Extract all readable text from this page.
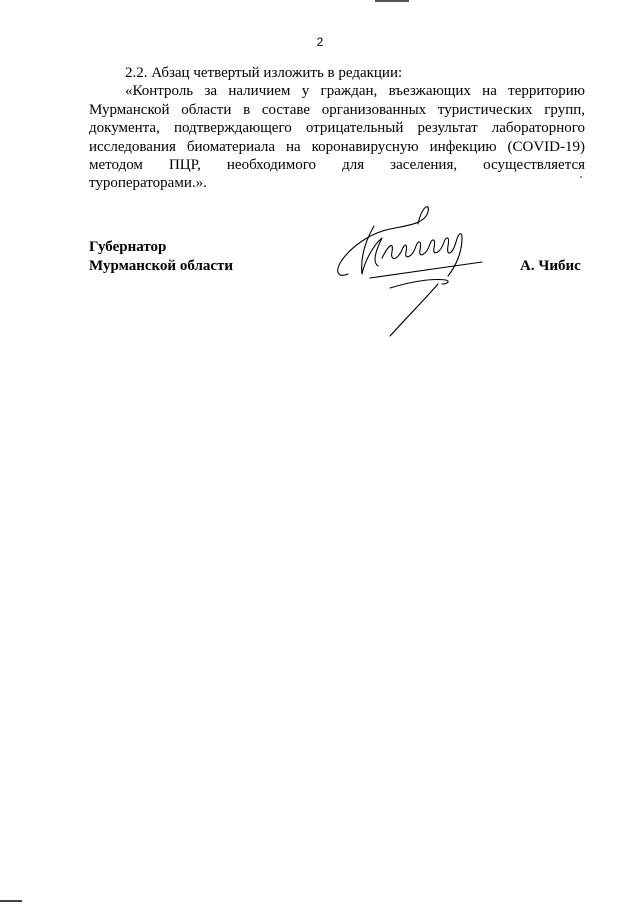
2

2.2. Абзац четвертый изложить в редакции:

«Контроль за наличием у граждан, въезжающих на территорию Мурманской области в составе организованных туристических групп, документа, подтверждающего отрицательный результат лабораторного исследования биоматериала на коронавирусную инфекцию (COVID-19) методом ПЦР, необходимого для заселения, осуществляется туроператорами.».

Губернатор
Мурманской области	А. Чибис
